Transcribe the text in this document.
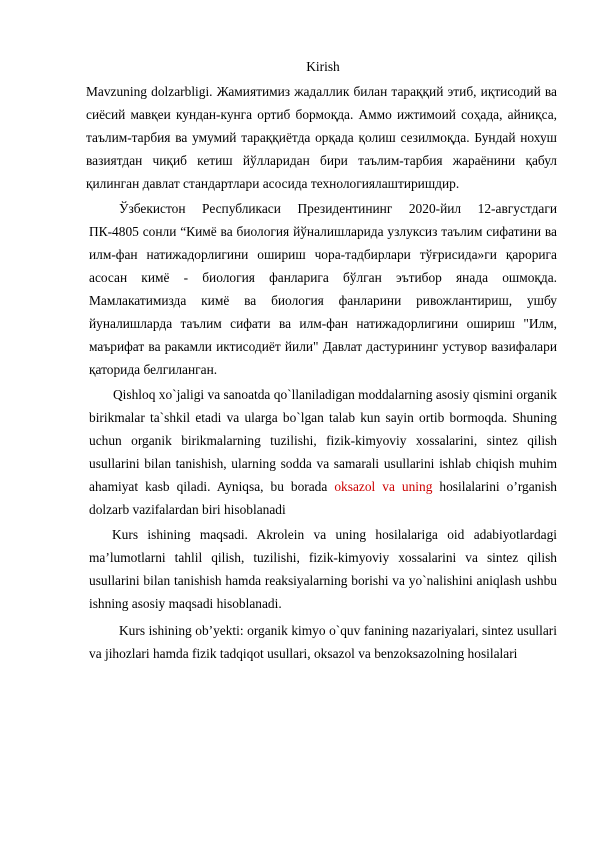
Kirish

Mavzuning dolzarbligi. Жамиятимиз жадаллик билан тараққий этиб, иқтисодий ва сиёсий мавқеи кундан-кунга ортиб бормоқда. Аммо ижтимоий соҳада, айниқса, таълим-тарбия ва умумий тараққиётда орқада қолиш сезилмоқда. Бундай нохуш вазиятдан чиқиб кетиш йўлларидан бири таълим-тарбия жараёнини қабул қилинган давлат стандартлари асосида технологиялаштиришдир.

Ўзбекистон Республикаси Президентининг 2020-йил 12-августдаги ПК-4805 сонли “Кимё ва биология йўналишларида узлуксиз таълим сифатини ва илм-фан натижадорлигини ошириш чора-тадбирлари тўғрисида»ги қарорига асосан кимё - биология фанларига бўлган эътибор янада ошмоқда. Мамлакатимизда кимё ва биология фанларини ривожлантириш, ушбу йуналишларда таълим сифати ва илм-фан натижадорлигини ошириш "Илм, маърифат ва ракамли иктисодиёт йили" Давлат дастурининг устувор вазифалари қаторида белгиланган.

Qishloq xo`jaligi va sanoatda qo`llaniladigan moddalarning asosiy qismini organik birikmalar ta`shkil etadi va ularga bo`lgan talab kun sayin ortib bormoqda. Shuning uchun organik birikmalarning tuzilishi, fizik-kimyoviy xossalarini, sintez qilish usullarini bilan tanishish, ularning sodda va samarali usullarini ishlab chiqish muhim ahamiyat kasb qiladi. Ayniqsa, bu borada oksazol va uning hosilalarini o’rganish dolzarb vazifalardan biri hisoblanadi

Kurs ishining maqsadi. Akrolein va uning hosilalariga oid adabiyotlardagi ma’lumotlarni tahlil qilish, tuzilishi, fizik-kimyoviy xossalarini va sintez qilish usullarini bilan tanishish hamda reaksiyalarning borishi va yo`nalishini aniqlash ushbu ishning asosiy maqsadi hisoblanadi.

Kurs ishining ob’yekti: organik kimyo o`quv fanining nazariyalari, sintez usullari va jihozlari hamda fizik tadqiqot usullari, oksazol va benzoksazolning hosilalari
